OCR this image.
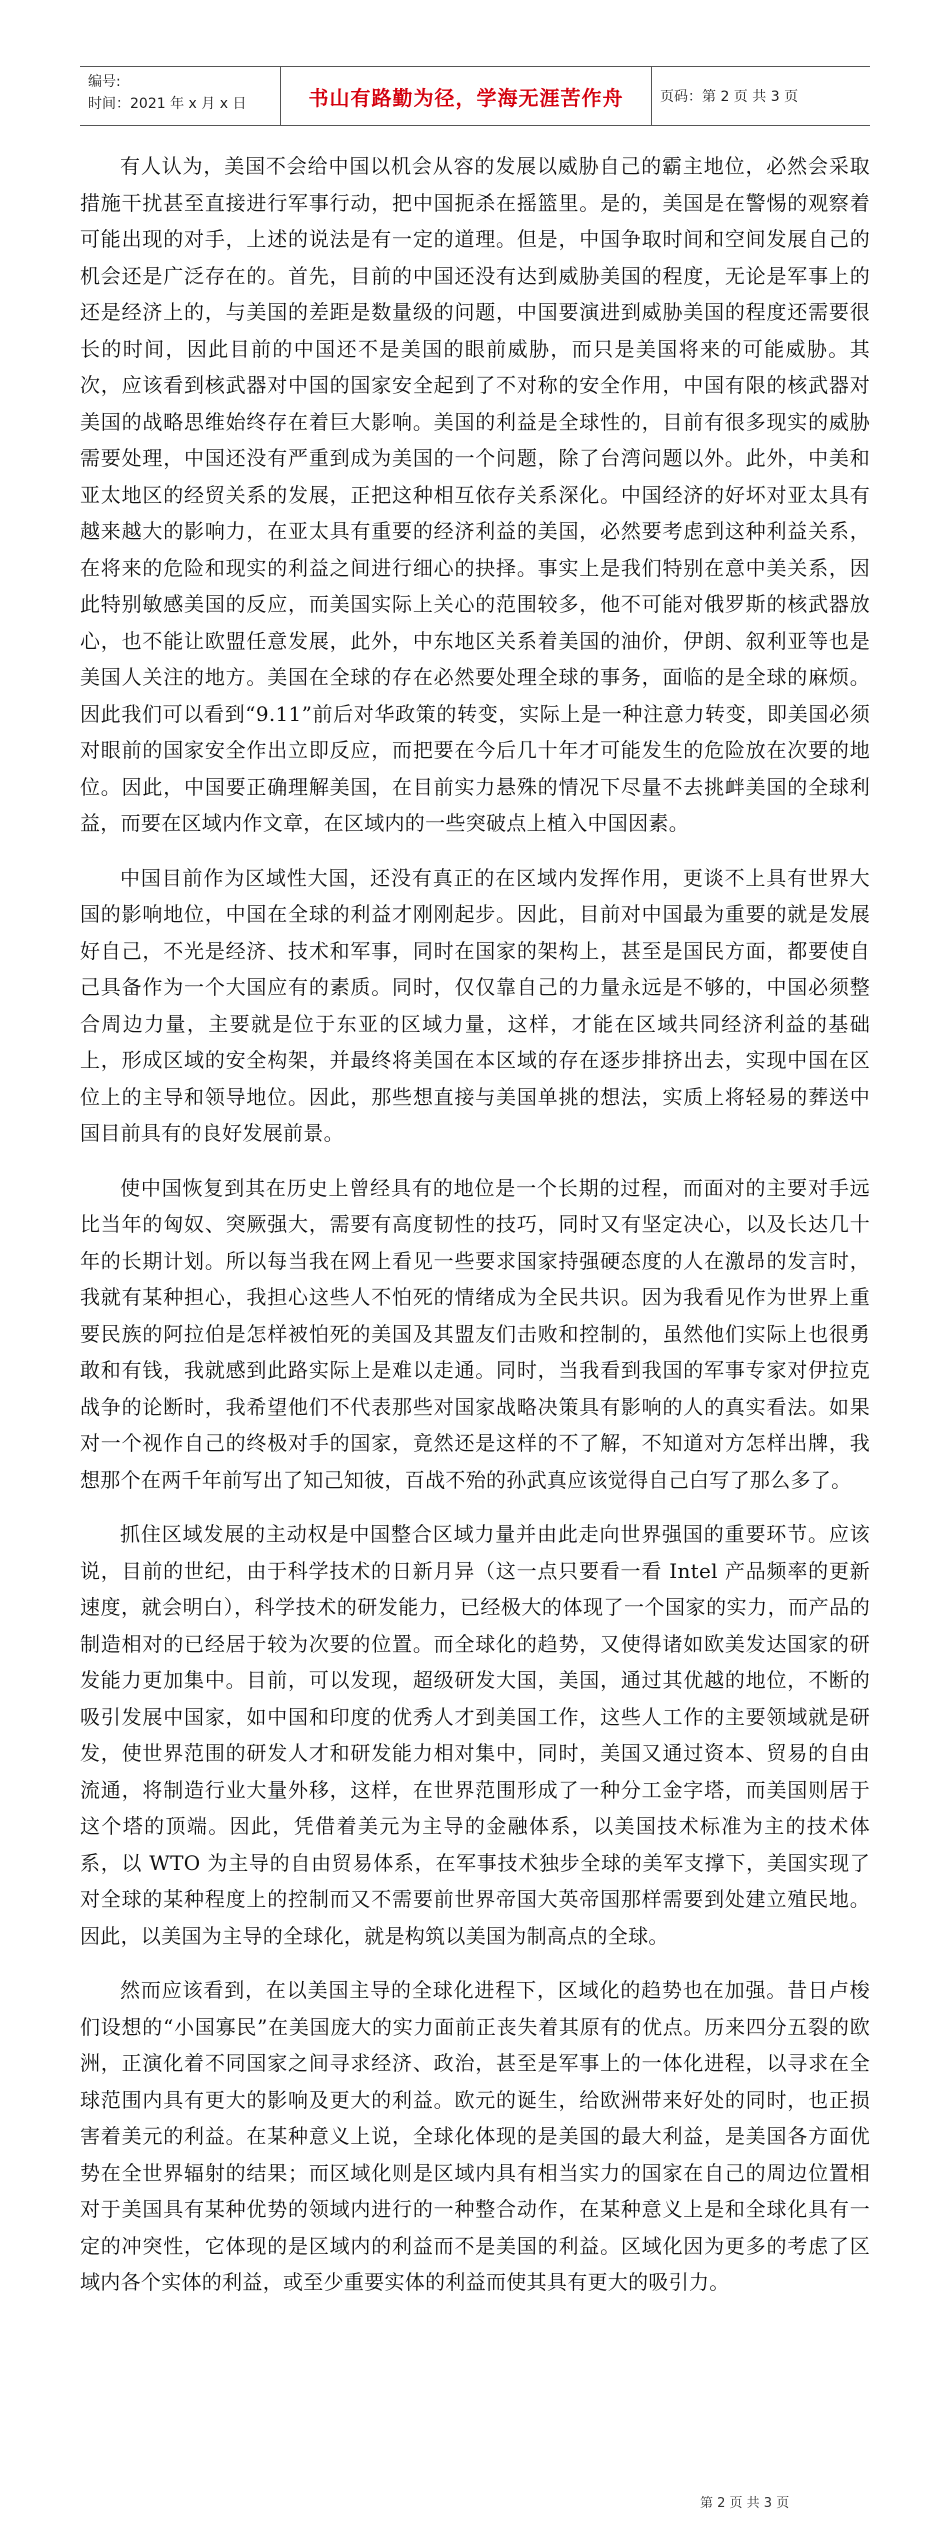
编号:
时间：2021 年 x 月 x 日	书山有路勤为径，学海无涯苦作舟	页码：第 2 页 共 3 页

有人认为，美国不会给中国以机会从容的发展以威胁自己的霸主地位，必然会采取措施干扰甚至直接进行军事行动，把中国扼杀在摇篮里。是的，美国是在警惕的观察着可能出现的对手，上述的说法是有一定的道理。但是，中国争取时间和空间发展自己的机会还是广泛存在的。首先，目前的中国还没有达到威胁美国的程度，无论是军事上的还是经济上的，与美国的差距是数量级的问题，中国要演进到威胁美国的程度还需要很长的时间，因此目前的中国还不是美国的眼前威胁，而只是美国将来的可能威胁。其次，应该看到核武器对中国的国家安全起到了不对称的安全作用，中国有限的核武器对美国的战略思维始终存在着巨大影响。美国的利益是全球性的，目前有很多现实的威胁需要处理，中国还没有严重到成为美国的一个问题，除了台湾问题以外。此外，中美和亚太地区的经贸关系的发展，正把这种相互依存关系深化。中国经济的好坏对亚太具有越来越大的影响力，在亚太具有重要的经济利益的美国，必然要考虑到这种利益关系，在将来的危险和现实的利益之间进行细心的抉择。事实上是我们特别在意中美关系，因此特别敏感美国的反应，而美国实际上关心的范围较多，他不可能对俄罗斯的核武器放心，也不能让欧盟任意发展，此外，中东地区关系着美国的油价，伊朗、叙利亚等也是美国人关注的地方。美国在全球的存在必然要处理全球的事务，面临的是全球的麻烦。因此我们可以看到“9.11”前后对华政策的转变，实际上是一种注意力转变，即美国必须对眼前的国家安全作出立即反应，而把要在今后几十年才可能发生的危险放在次要的地位。因此，中国要正确理解美国，在目前实力悬殊的情况下尽量不去挑衅美国的全球利益，而要在区域内作文章，在区域内的一些突破点上植入中国因素。

中国目前作为区域性大国，还没有真正的在区域内发挥作用，更谈不上具有世界大国的影响地位，中国在全球的利益才刚刚起步。因此，目前对中国最为重要的就是发展好自己，不光是经济、技术和军事，同时在国家的架构上，甚至是国民方面，都要使自己具备作为一个大国应有的素质。同时，仅仅靠自己的力量永远是不够的，中国必须整合周边力量，主要就是位于东亚的区域力量，这样，才能在区域共同经济利益的基础上，形成区域的安全构架，并最终将美国在本区域的存在逐步排挤出去，实现中国在区位上的主导和领导地位。因此，那些想直接与美国单挑的想法，实质上将轻易的葬送中国目前具有的良好发展前景。

使中国恢复到其在历史上曾经具有的地位是一个长期的过程，而面对的主要对手远比当年的匈奴、突厥强大，需要有高度韧性的技巧，同时又有坚定决心，以及长达几十年的长期计划。所以每当我在网上看见一些要求国家持强硬态度的人在激昂的发言时，我就有某种担心，我担心这些人不怕死的情绪成为全民共识。因为我看见作为世界上重要民族的阿拉伯是怎样被怕死的美国及其盟友们击败和控制的，虽然他们实际上也很勇敢和有钱，我就感到此路实际上是难以走通。同时，当我看到我国的军事专家对伊拉克战争的论断时，我希望他们不代表那些对国家战略决策具有影响的人的真实看法。如果对一个视作自己的终极对手的国家，竟然还是这样的不了解，不知道对方怎样出牌，我想那个在两千年前写出了知己知彼，百战不殆的孙武真应该觉得自己白写了那么多了。

抓住区域发展的主动权是中国整合区域力量并由此走向世界强国的重要环节。应该说，目前的世纪，由于科学技术的日新月异（这一点只要看一看 Intel 产品频率的更新速度，就会明白），科学技术的研发能力，已经极大的体现了一个国家的实力，而产品的制造相对的已经居于较为次要的位置。而全球化的趋势，又使得诸如欧美发达国家的研发能力更加集中。目前，可以发现，超级研发大国，美国，通过其优越的地位，不断的吸引发展中国家，如中国和印度的优秀人才到美国工作，这些人工作的主要领域就是研发，使世界范围的研发人才和研发能力相对集中，同时，美国又通过资本、贸易的自由流通，将制造行业大量外移，这样，在世界范围形成了一种分工金字塔，而美国则居于这个塔的顶端。因此，凭借着美元为主导的金融体系，以美国技术标准为主的技术体系，以 WTO 为主导的自由贸易体系，在军事技术独步全球的美军支撑下，美国实现了对全球的某种程度上的控制而又不需要前世界帝国大英帝国那样需要到处建立殖民地。因此，以美国为主导的全球化，就是构筑以美国为制高点的全球。

然而应该看到，在以美国主导的全球化进程下，区域化的趋势也在加强。昔日卢梭们设想的“小国寡民”在美国庞大的实力面前正丧失着其原有的优点。历来四分五裂的欧洲，正演化着不同国家之间寻求经济、政治，甚至是军事上的一体化进程，以寻求在全球范围内具有更大的影响及更大的利益。欧元的诞生，给欧洲带来好处的同时，也正损害着美元的利益。在某种意义上说，全球化体现的是美国的最大利益，是美国各方面优势在全世界辐射的结果；而区域化则是区域内具有相当实力的国家在自己的周边位置相对于美国具有某种优势的领域内进行的一种整合动作，在某种意义上是和全球化具有一定的冲突性，它体现的是区域内的利益而不是美国的利益。区域化因为更多的考虑了区域内各个实体的利益，或至少重要实体的利益而使其具有更大的吸引力。

第 2 页 共 3 页
